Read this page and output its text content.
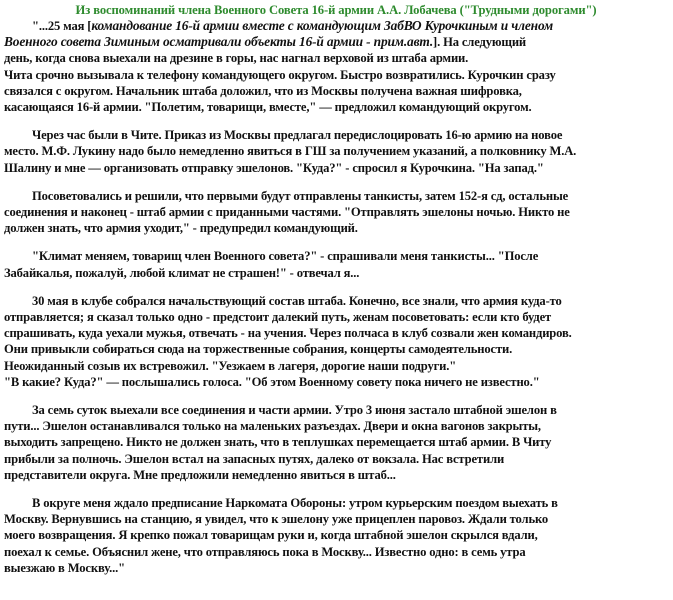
Из воспоминаний члена Военного Совета 16-й армии А.А. Лобачева ("Трудными дорогами")
"...25 мая [командование 16-й армии вместе с командующим ЗабВО Курочкиным и членом
Военного совета Зиминым осматривали объекты 16-й армии - прим.авт.]. На следующий
день, когда снова выехали на дрезине в горы, нас нагнал верховой из штаба армии.
Чита срочно вызывала к телефону командующего округом. Быстро возвратились. Курочкин сразу
связался с округом. Начальник штаба доложил, что из Москвы получена важная шифровка,
касающаяся 16-й армии. "Полетим, товарищи, вместе," — предложил командующий округом.
Через час были в Чите. Приказ из Москвы предлагал передислоцировать 16-ю армию на новое
место. М.Ф. Лукину надо было немедленно явиться в ГШ за получением указаний, а полковнику М.А.
Шалину и мне — организовать отправку эшелонов. "Куда?" - спросил я Курочкина. "На запад."
Посоветовались и решили, что первыми будут отправлены танкисты, затем 152-я сд, остальные
соединения и наконец - штаб армии с приданными частями. "Отправлять эшелоны ночью. Никто не
должен знать, что армия уходит," - предупредил командующий.
"Климат меняем, товарищ член Военного совета?" - спрашивали меня танкисты... "После
Забайкалья, пожалуй, любой климат не страшен!" - отвечал я...
30 мая в клубе собрался начальствующий состав штаба. Конечно, все знали, что армия куда-то
отправляется; я сказал только одно - предстоит далекий путь, женам посоветовать: если кто будет
спрашивать, куда уехали мужья, отвечать - на учения. Через полчаса в клуб созвали жен командиров.
Они привыкли собираться сюда на торжественные собрания, концерты самодеятельности.
Неожиданный созыв их встревожил. "Уезжаем в лагеря, дорогие наши подруги."
"В какие? Куда?" — послышались голоса. "Об этом Военному совету пока ничего не известно."
За семь суток выехали все соединения и части армии. Утро 3 июня застало штабной эшелон в
пути... Эшелон останавливался только на маленьких разъездах. Двери и окна вагонов закрыты,
выходить запрещено. Никто не должен знать, что в теплушках перемещается штаб армии. В Читу
прибыли за полночь. Эшелон встал на запасных путях, далеко от вокзала. Нас встретили
представители округа. Мне предложили немедленно явиться в штаб...
В округе меня ждало предписание Наркомата Обороны: утром курьерским поездом выехать в
Москву. Вернувшись на станцию, я увидел, что к эшелону уже прицеплен паровоз. Ждали только
моего возвращения. Я крепко пожал товарищам руки и, когда штабной эшелон скрылся вдали,
поехал к семье. Объяснил жене, что отправляюсь пока в Москву... Известно одно: в семь утра
выезжаю в Москву..."
